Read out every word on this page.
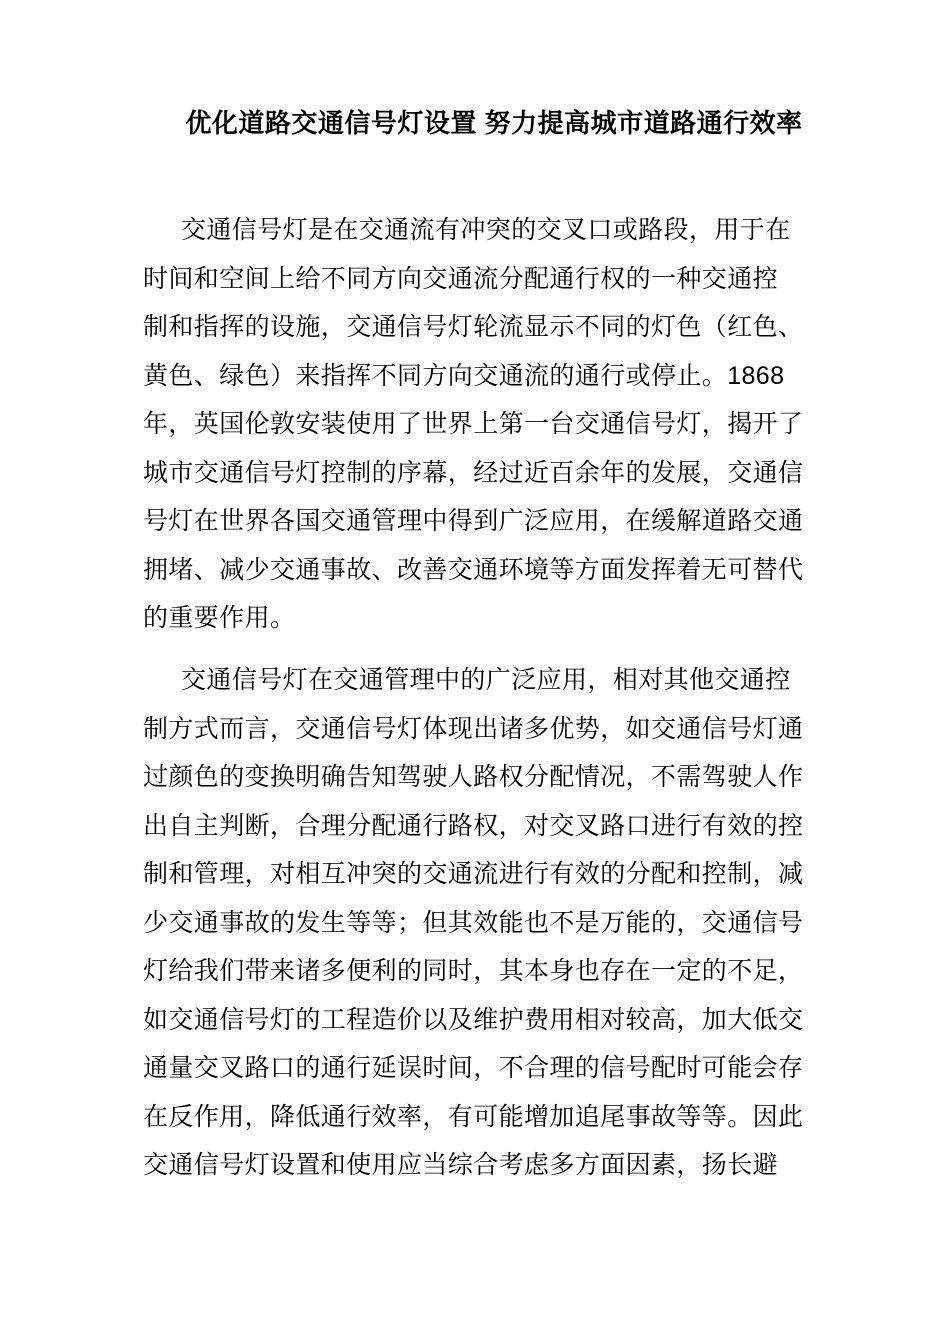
优化道路交通信号灯设置 努力提高城市道路通行效率
交通信号灯是在交通流有冲突的交叉口或路段，用于在
时间和空间上给不同方向交通流分配通行权的一种交通控
制和指挥的设施，交通信号灯轮流显示不同的灯色（红色、
黄色、绿色）来指挥不同方向交通流的通行或停止。1868
年，英国伦敦安装使用了世界上第一台交通信号灯，揭开了
城市交通信号灯控制的序幕，经过近百余年的发展，交通信
号灯在世界各国交通管理中得到广泛应用，在缓解道路交通
拥堵、减少交通事故、改善交通环境等方面发挥着无可替代
的重要作用。
交通信号灯在交通管理中的广泛应用，相对其他交通控
制方式而言，交通信号灯体现出诸多优势，如交通信号灯通
过颜色的变换明确告知驾驶人路权分配情况，不需驾驶人作
出自主判断，合理分配通行路权，对交叉路口进行有效的控
制和管理，对相互冲突的交通流进行有效的分配和控制，减
少交通事故的发生等等；但其效能也不是万能的，交通信号
灯给我们带来诸多便利的同时，其本身也存在一定的不足，
如交通信号灯的工程造价以及维护费用相对较高，加大低交
通量交叉路口的通行延误时间，不合理的信号配时可能会存
在反作用，降低通行效率，有可能增加追尾事故等等。因此
交通信号灯设置和使用应当综合考虑多方面因素，扬长避
